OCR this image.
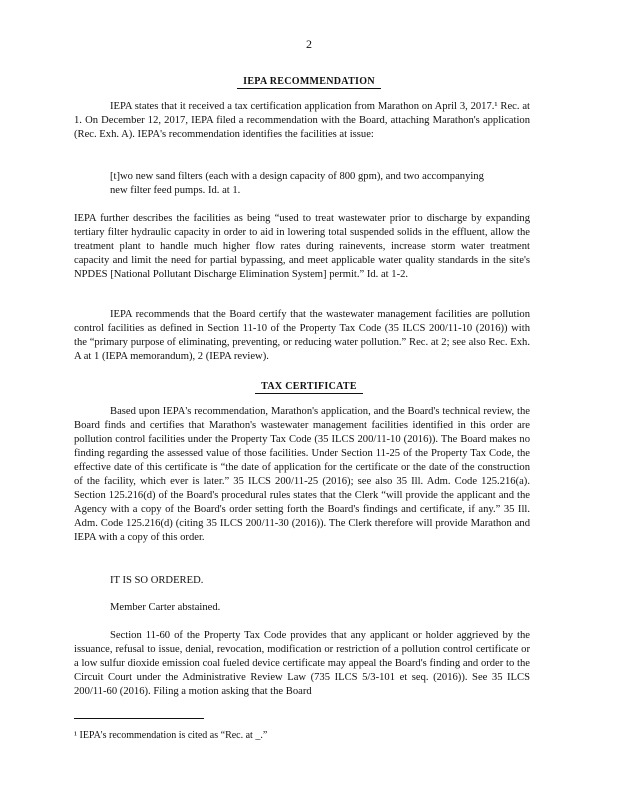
2
IEPA RECOMMENDATION

IEPA states that it received a tax certification application from Marathon on April 3, 2017.¹ Rec. at 1. On December 12, 2017, IEPA filed a recommendation with the Board, attaching Marathon's application (Rec. Exh. A). IEPA's recommendation identifies the facilities at issue:

[t]wo new sand filters (each with a design capacity of 800 gpm), and two accompanying new filter feed pumps. Id. at 1.

IEPA further describes the facilities as being “used to treat wastewater prior to discharge by expanding tertiary filter hydraulic capacity in order to aid in lowering total suspended solids in the effluent, allow the treatment plant to handle much higher flow rates during rainevents, increase storm water treatment capacity and limit the need for partial bypassing, and meet applicable water quality standards in the site's NPDES [National Pollutant Discharge Elimination System] permit.” Id. at 1-2.

IEPA recommends that the Board certify that the wastewater management facilities are pollution control facilities as defined in Section 11-10 of the Property Tax Code (35 ILCS 200/11-10 (2016)) with the “primary purpose of eliminating, preventing, or reducing water pollution.” Rec. at 2; see also Rec. Exh. A at 1 (IEPA memorandum), 2 (IEPA review).

TAX CERTIFICATE

Based upon IEPA's recommendation, Marathon's application, and the Board's technical review, the Board finds and certifies that Marathon's wastewater management facilities identified in this order are pollution control facilities under the Property Tax Code (35 ILCS 200/11-10 (2016)). The Board makes no finding regarding the assessed value of those facilities. Under Section 11-25 of the Property Tax Code, the effective date of this certificate is “the date of application for the certificate or the date of the construction of the facility, which ever is later.” 35 ILCS 200/11-25 (2016); see also 35 Ill. Adm. Code 125.216(a). Section 125.216(d) of the Board's procedural rules states that the Clerk “will provide the applicant and the Agency with a copy of the Board's order setting forth the Board's findings and certificate, if any.” 35 Ill. Adm. Code 125.216(d) (citing 35 ILCS 200/11-30 (2016)). The Clerk therefore will provide Marathon and IEPA with a copy of this order.

IT IS SO ORDERED.

Member Carter abstained.

Section 11-60 of the Property Tax Code provides that any applicant or holder aggrieved by the issuance, refusal to issue, denial, revocation, modification or restriction of a pollution control certificate or a low sulfur dioxide emission coal fueled device certificate may appeal the Board's finding and order to the Circuit Court under the Administrative Review Law (735 ILCS 5/3-101 et seq. (2016)). See 35 ILCS 200/11-60 (2016). Filing a motion asking that the Board

¹ IEPA's recommendation is cited as “Rec. at _.”
